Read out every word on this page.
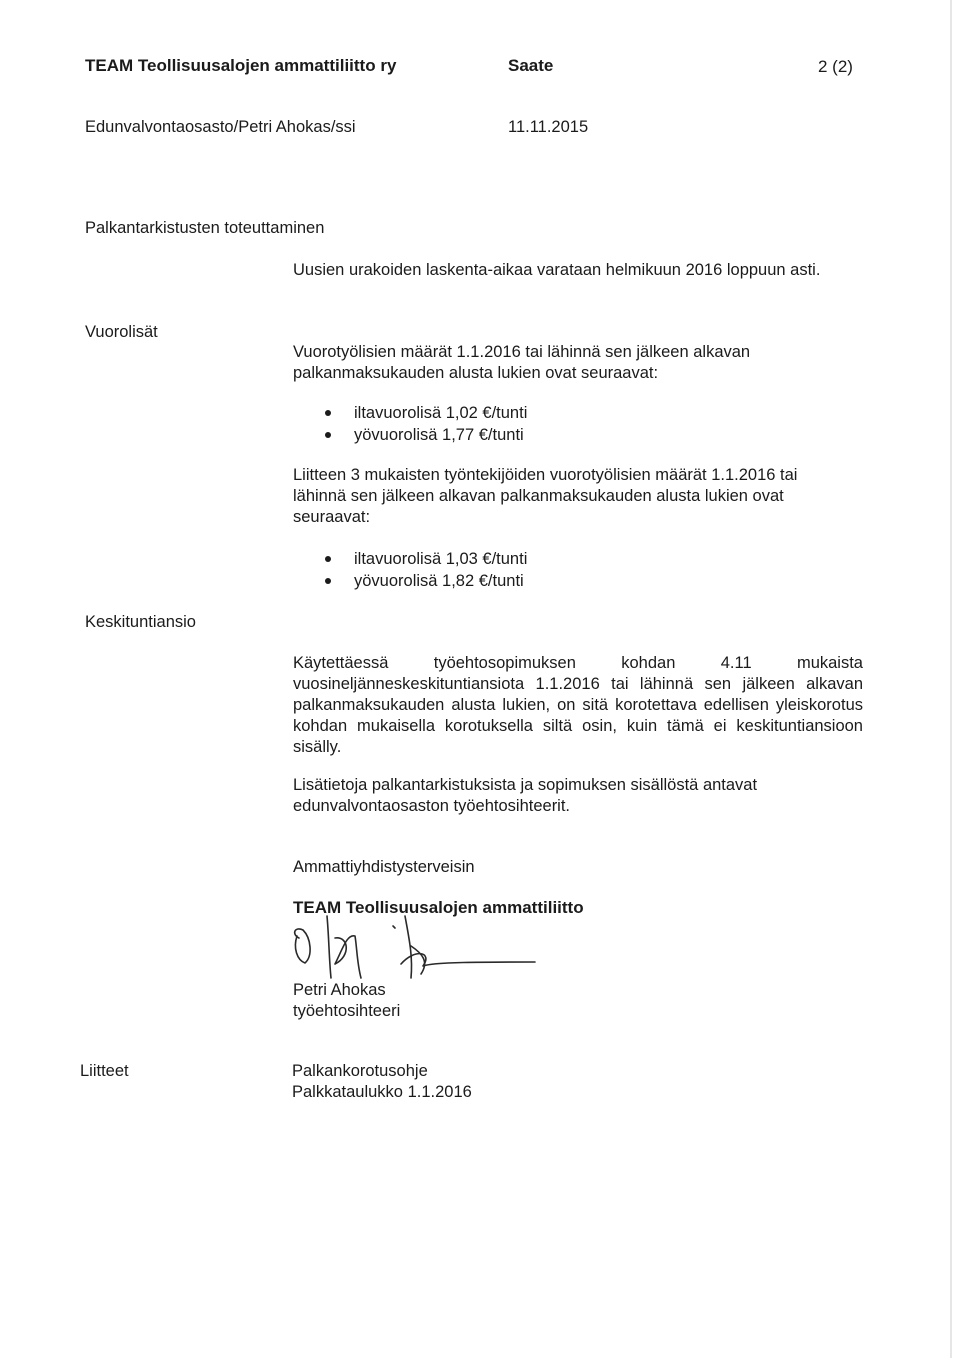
TEAM Teollisuusalojen ammattiliitto ry	Saate	2 (2)
Edunvalvontaosasto/Petri Ahokas/ssi	11.11.2015
Palkantarkistusten toteuttaminen
Uusien urakoiden laskenta-aikaa varataan helmikuun 2016 loppuun asti.
Vuorolisät
Vuorotyölisien määrät 1.1.2016 tai lähinnä sen jälkeen alkavan palkanmaksukauden alusta lukien ovat seuraavat:
iltavuorolisä 1,02 €/tunti
yövuorolisä 1,77 €/tunti
Liitteen 3 mukaisten työntekijöiden vuorotyölisien määrät 1.1.2016 tai lähinnä sen jälkeen alkavan palkanmaksukauden alusta lukien ovat seuraavat:
iltavuorolisä 1,03 €/tunti
yövuorolisä 1,82 €/tunti
Keskituntiansio
Käytettäessä työehtosopimuksen kohdan 4.11 mukaista vuosineljänneskeskituntiansiota 1.1.2016 tai lähinnä sen jälkeen alkavan palkanmaksukauden alusta lukien, on sitä korotettava edellisen yleiskorotus kohdan mukaisella korotuksella siltä osin, kuin tämä ei keskituntiansioon sisälly.
Lisätietoja palkantarkistuksista ja sopimuksen sisällöstä antavat edunvalvontaosaston työehtosihteerit.
Ammattiyhdistysterveisin
TEAM Teollisuusalojen ammattiliitto
Petri Ahokas
työehtosihteeri
Liitteet	Palkankorotusohje
Palkkataulukko 1.1.2016
